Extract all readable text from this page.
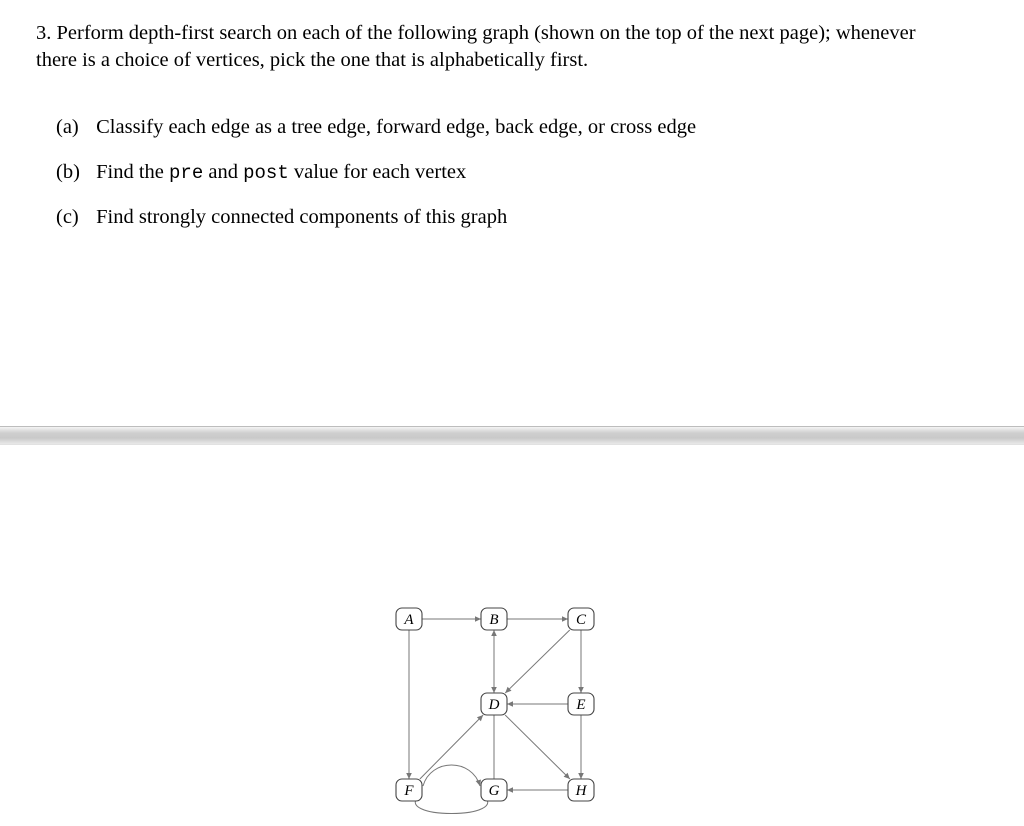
3. Perform depth-first search on each of the following graph (shown on the top of the next page); whenever
there is a choice of vertices, pick the one that is alphabetically first.

(a) Classify each edge as a tree edge, forward edge, back edge, or cross edge
(b) Find the pre and post value for each vertex
(c) Find strongly connected components of this graph
A	B	C
D	E
F	G	H
